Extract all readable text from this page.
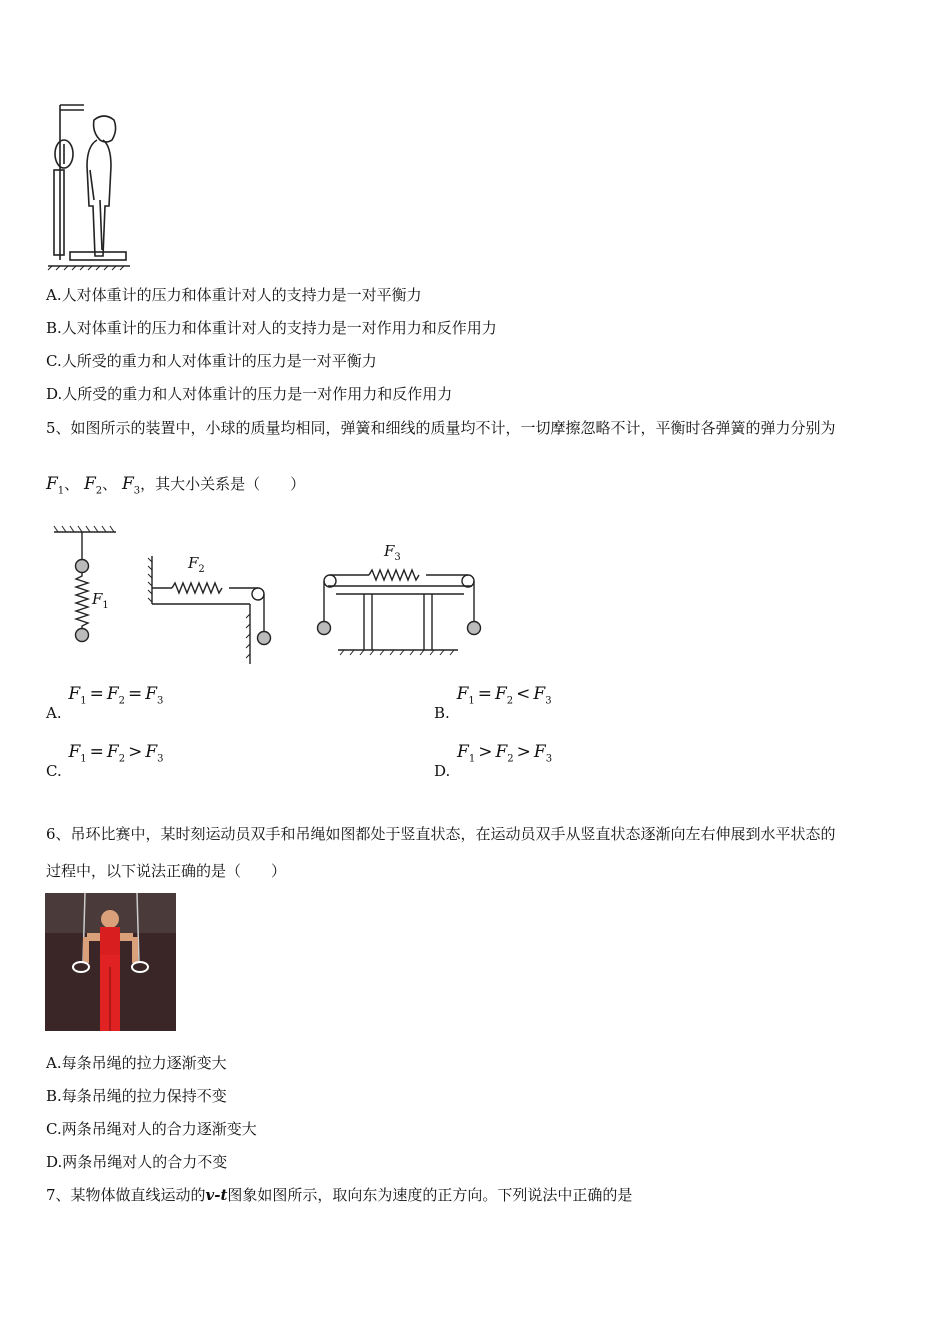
A.人对体重计的压力和体重计对人的支持力是一对平衡力
B.人对体重计的压力和体重计对人的支持力是一对作用力和反作用力
C.人所受的重力和人对体重计的压力是一对平衡力
D.人所受的重力和人对体重计的压力是一对作用力和反作用力
5、如图所示的装置中，小球的质量均相同，弹簧和细线的质量均不计，一切摩擦忽略不计，平衡时各弹簧的弹力分别为
$F_1$、 $F_2$、 $F_3$，其大小关系是（　　）
$F_1$
$F_2$
$F_3$
A. $F_1 = F_2 = F_3$
B. $F_1 = F_2 < F_3$
C. $F_1 = F_2 > F_3$
D. $F_1 > F_2 > F_3$
6、吊环比赛中，某时刻运动员双手和吊绳如图都处于竖直状态，在运动员双手从竖直状态逐渐向左右伸展到水平状态的
过程中，以下说法正确的是（　　）
A.每条吊绳的拉力逐渐变大
B.每条吊绳的拉力保持不变
C.两条吊绳对人的合力逐渐变大
D.两条吊绳对人的合力不变
7、某物体做直线运动的v-t图象如图所示，取向东为速度的正方向。下列说法中正确的是
